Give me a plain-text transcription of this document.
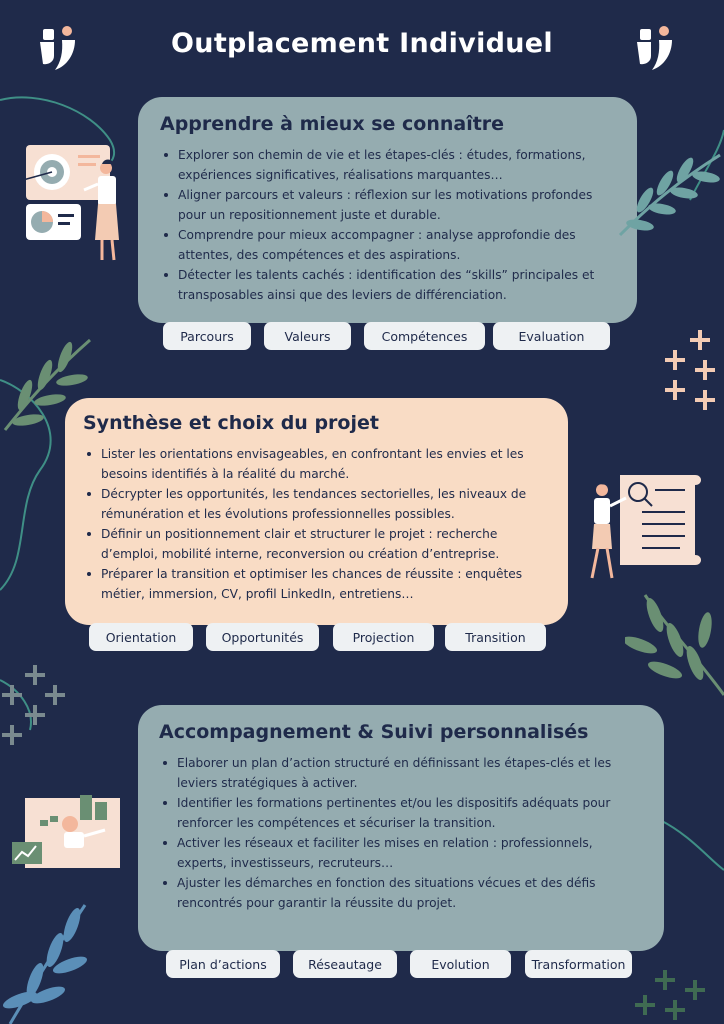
Outplacement Individuel
Apprendre à mieux se connaître
Explorer son chemin de vie et les étapes-clés : études, formations, expériences significatives, réalisations marquantes…
Aligner parcours et valeurs : réflexion sur les motivations profondes pour un repositionnement juste et durable.
Comprendre pour mieux accompagner : analyse approfondie des attentes, des compétences et des aspirations.
Détecter les talents cachés : identification des “skills” principales et transposables ainsi que des leviers de différenciation.
Parcours	Valeurs	Compétences	Evaluation
Synthèse et choix du projet
Lister les orientations envisageables, en confrontant les envies et les besoins identifiés à la réalité du marché.
Décrypter les opportunités, les tendances sectorielles, les niveaux de rémunération et les évolutions professionnelles possibles.
Définir un positionnement clair et structurer le projet : recherche d’emploi, mobilité interne, reconversion ou création d’entreprise.
Préparer la transition et optimiser les chances de réussite : enquêtes métier, immersion, CV, profil LinkedIn, entretiens…
Orientation	Opportunités	Projection	Transition
Accompagnement & Suivi personnalisés
Elaborer un plan d’action structuré en définissant les étapes-clés et les leviers stratégiques à activer.
Identifier les formations pertinentes et/ou les dispositifs adéquats pour renforcer les compétences et sécuriser la transition.
Activer les réseaux et faciliter les mises en relation : professionnels, experts, investisseurs, recruteurs…
Ajuster les démarches en fonction des situations vécues et des défis rencontrés pour garantir la réussite du projet.
Plan d’actions	Réseautage	Evolution	Transformation
